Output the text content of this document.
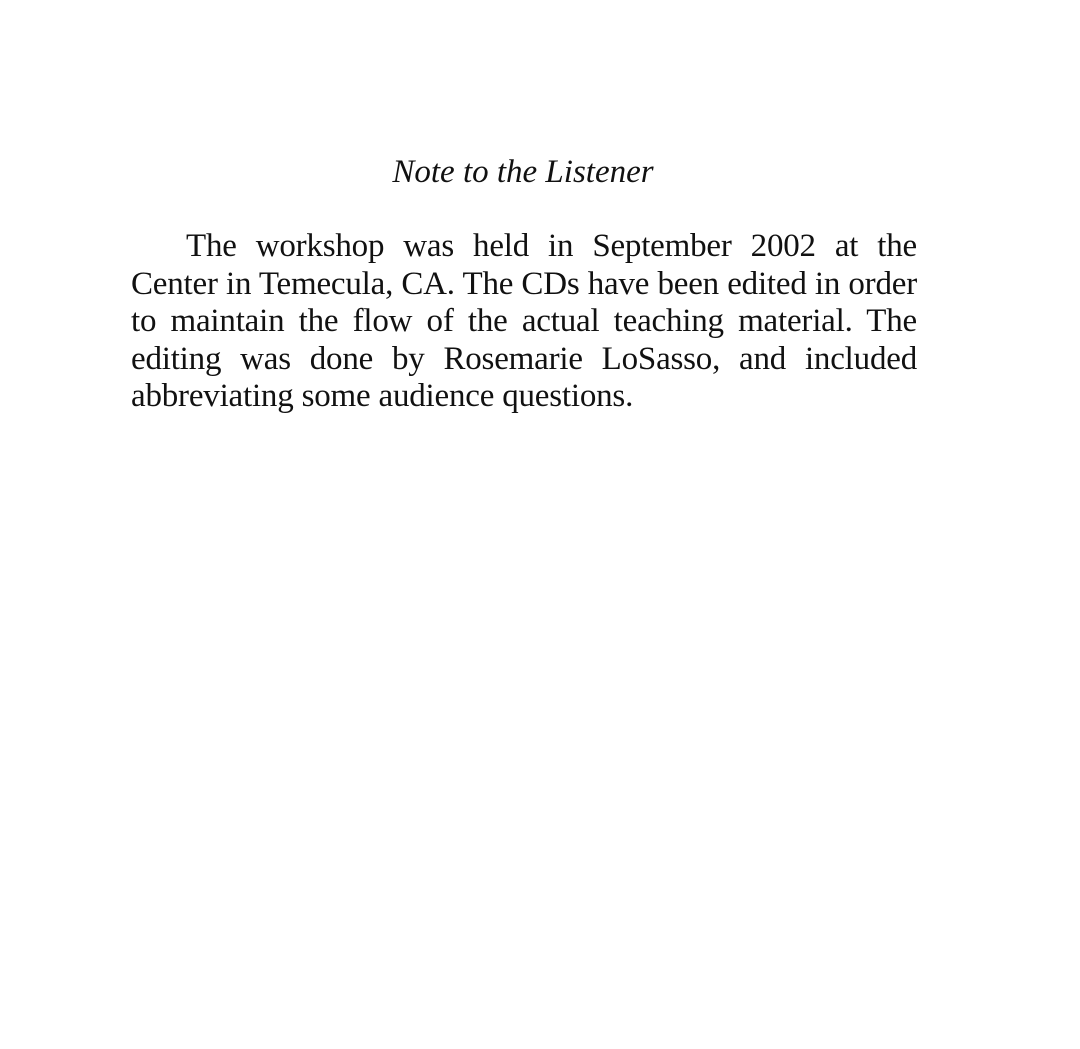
Note to the Listener

The workshop was held in September 2002 at the Center in Temecula, CA. The CDs have been edited in order to maintain the flow of the actual teaching material. The editing was done by Rosemarie LoSasso, and included abbreviating some audience questions.
